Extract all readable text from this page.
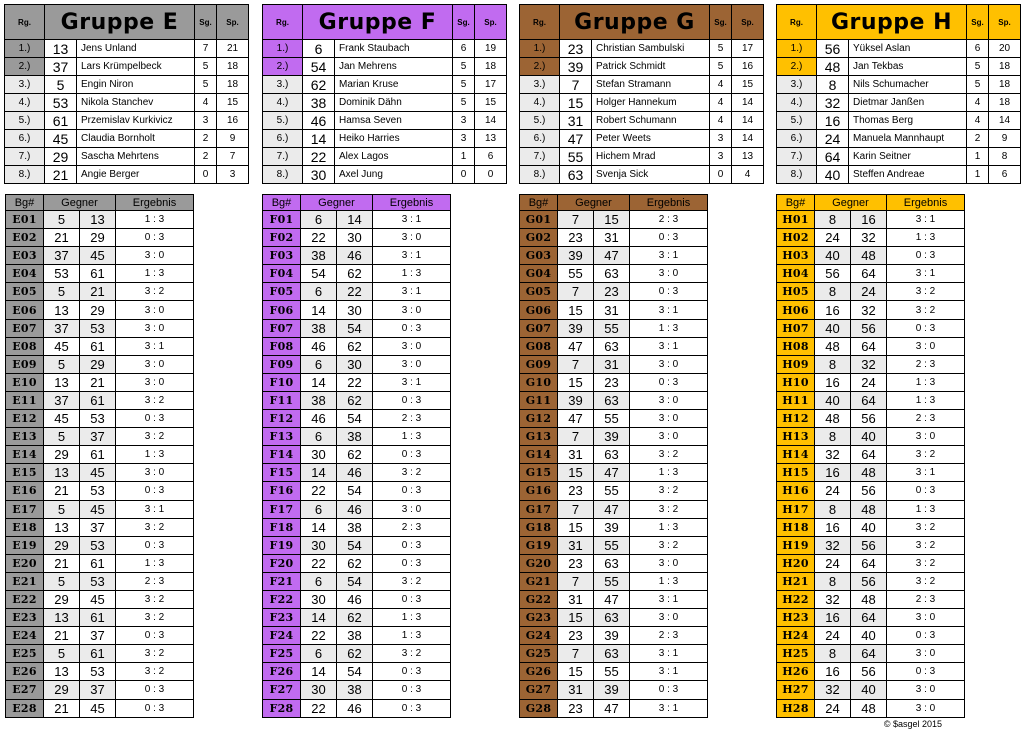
Rg.	Gruppe E		Sg.	Sp.
1.)	13	Jens Unland	7	21
2.)	37	Lars Krümpelbeck	5	18
3.)	5	Engin Niron	5	18
4.)	53	Nikola Stanchev	4	15
5.)	61	Przemislav Kurkivicz	3	16
6.)	45	Claudia Bornholt	2	9
7.)	29	Sascha Mehrtens	2	7
8.)	21	Angie Berger	0	3
Bg#	Gegner		Ergebnis
E01	5	13	1 : 3
E02	21	29	0 : 3
E03	37	45	3 : 0
E04	53	61	1 : 3
E05	5	21	3 : 2
E06	13	29	3 : 0
E07	37	53	3 : 0
E08	45	61	3 : 1
E09	5	29	3 : 0
E10	13	21	3 : 0
E11	37	61	3 : 2
E12	45	53	0 : 3
E13	5	37	3 : 2
E14	29	61	1 : 3
E15	13	45	3 : 0
E16	21	53	0 : 3
E17	5	45	3 : 1
E18	13	37	3 : 2
E19	29	53	0 : 3
E20	21	61	1 : 3
E21	5	53	2 : 3
E22	29	45	3 : 2
E23	13	61	3 : 2
E24	21	37	0 : 3
E25	5	61	3 : 2
E26	13	53	3 : 2
E27	29	37	0 : 3
E28	21	45	0 : 3
Rg.	Gruppe F		Sg.	Sp.
1.)	6	Frank Staubach	6	19
2.)	54	Jan Mehrens	5	18
3.)	62	Marian Kruse	5	17
4.)	38	Dominik Dähn	5	15
5.)	46	Hamsa Seven	3	14
6.)	14	Heiko Harries	3	13
7.)	22	Alex Lagos	1	6
8.)	30	Axel Jung	0	0
Bg#	Gegner		Ergebnis
F01	6	14	3 : 1
F02	22	30	3 : 0
F03	38	46	3 : 1
F04	54	62	1 : 3
F05	6	22	3 : 1
F06	14	30	3 : 0
F07	38	54	0 : 3
F08	46	62	3 : 0
F09	6	30	3 : 0
F10	14	22	3 : 1
F11	38	62	0 : 3
F12	46	54	2 : 3
F13	6	38	1 : 3
F14	30	62	0 : 3
F15	14	46	3 : 2
F16	22	54	0 : 3
F17	6	46	3 : 0
F18	14	38	2 : 3
F19	30	54	0 : 3
F20	22	62	0 : 3
F21	6	54	3 : 2
F22	30	46	0 : 3
F23	14	62	1 : 3
F24	22	38	1 : 3
F25	6	62	3 : 2
F26	14	54	0 : 3
F27	30	38	0 : 3
F28	22	46	0 : 3
Rg.	Gruppe G		Sg.	Sp.
1.)	23	Christian Sambulski	5	17
2.)	39	Patrick Schmidt	5	16
3.)	7	Stefan Stramann	4	15
4.)	15	Holger Hannekum	4	14
5.)	31	Robert Schumann	4	14
6.)	47	Peter Weets	3	14
7.)	55	Hichem Mrad	3	13
8.)	63	Svenja Sick	0	4
Bg#	Gegner		Ergebnis
G01	7	15	2 : 3
G02	23	31	0 : 3
G03	39	47	3 : 1
G04	55	63	3 : 0
G05	7	23	0 : 3
G06	15	31	3 : 1
G07	39	55	1 : 3
G08	47	63	3 : 1
G09	7	31	3 : 0
G10	15	23	0 : 3
G11	39	63	3 : 0
G12	47	55	3 : 0
G13	7	39	3 : 0
G14	31	63	3 : 2
G15	15	47	1 : 3
G16	23	55	3 : 2
G17	7	47	3 : 2
G18	15	39	1 : 3
G19	31	55	3 : 2
G20	23	63	3 : 0
G21	7	55	1 : 3
G22	31	47	3 : 1
G23	15	63	3 : 0
G24	23	39	2 : 3
G25	7	63	3 : 1
G26	15	55	3 : 1
G27	31	39	0 : 3
G28	23	47	3 : 1
Rg.	Gruppe H		Sg.	Sp.
1.)	56	Yüksel Aslan	6	20
2.)	48	Jan Tekbas	5	18
3.)	8	Nils Schumacher	5	18
4.)	32	Dietmar Janßen	4	18
5.)	16	Thomas Berg	4	14
6.)	24	Manuela Mannhaupt	2	9
7.)	64	Karin Seitner	1	8
8.)	40	Steffen Andreae	1	6
Bg#	Gegner		Ergebnis
H01	8	16	3 : 1
H02	24	32	1 : 3
H03	40	48	0 : 3
H04	56	64	3 : 1
H05	8	24	3 : 2
H06	16	32	3 : 2
H07	40	56	0 : 3
H08	48	64	3 : 0
H09	8	32	2 : 3
H10	16	24	1 : 3
H11	40	64	1 : 3
H12	48	56	2 : 3
H13	8	40	3 : 0
H14	32	64	3 : 2
H15	16	48	3 : 1
H16	24	56	0 : 3
H17	8	48	1 : 3
H18	16	40	3 : 2
H19	32	56	3 : 2
H20	24	64	3 : 2
H21	8	56	3 : 2
H22	32	48	2 : 3
H23	16	64	3 : 0
H24	24	40	0 : 3
H25	8	64	3 : 0
H26	16	56	0 : 3
H27	32	40	3 : 0
H28	24	48	3 : 0
© $asgel 2015
